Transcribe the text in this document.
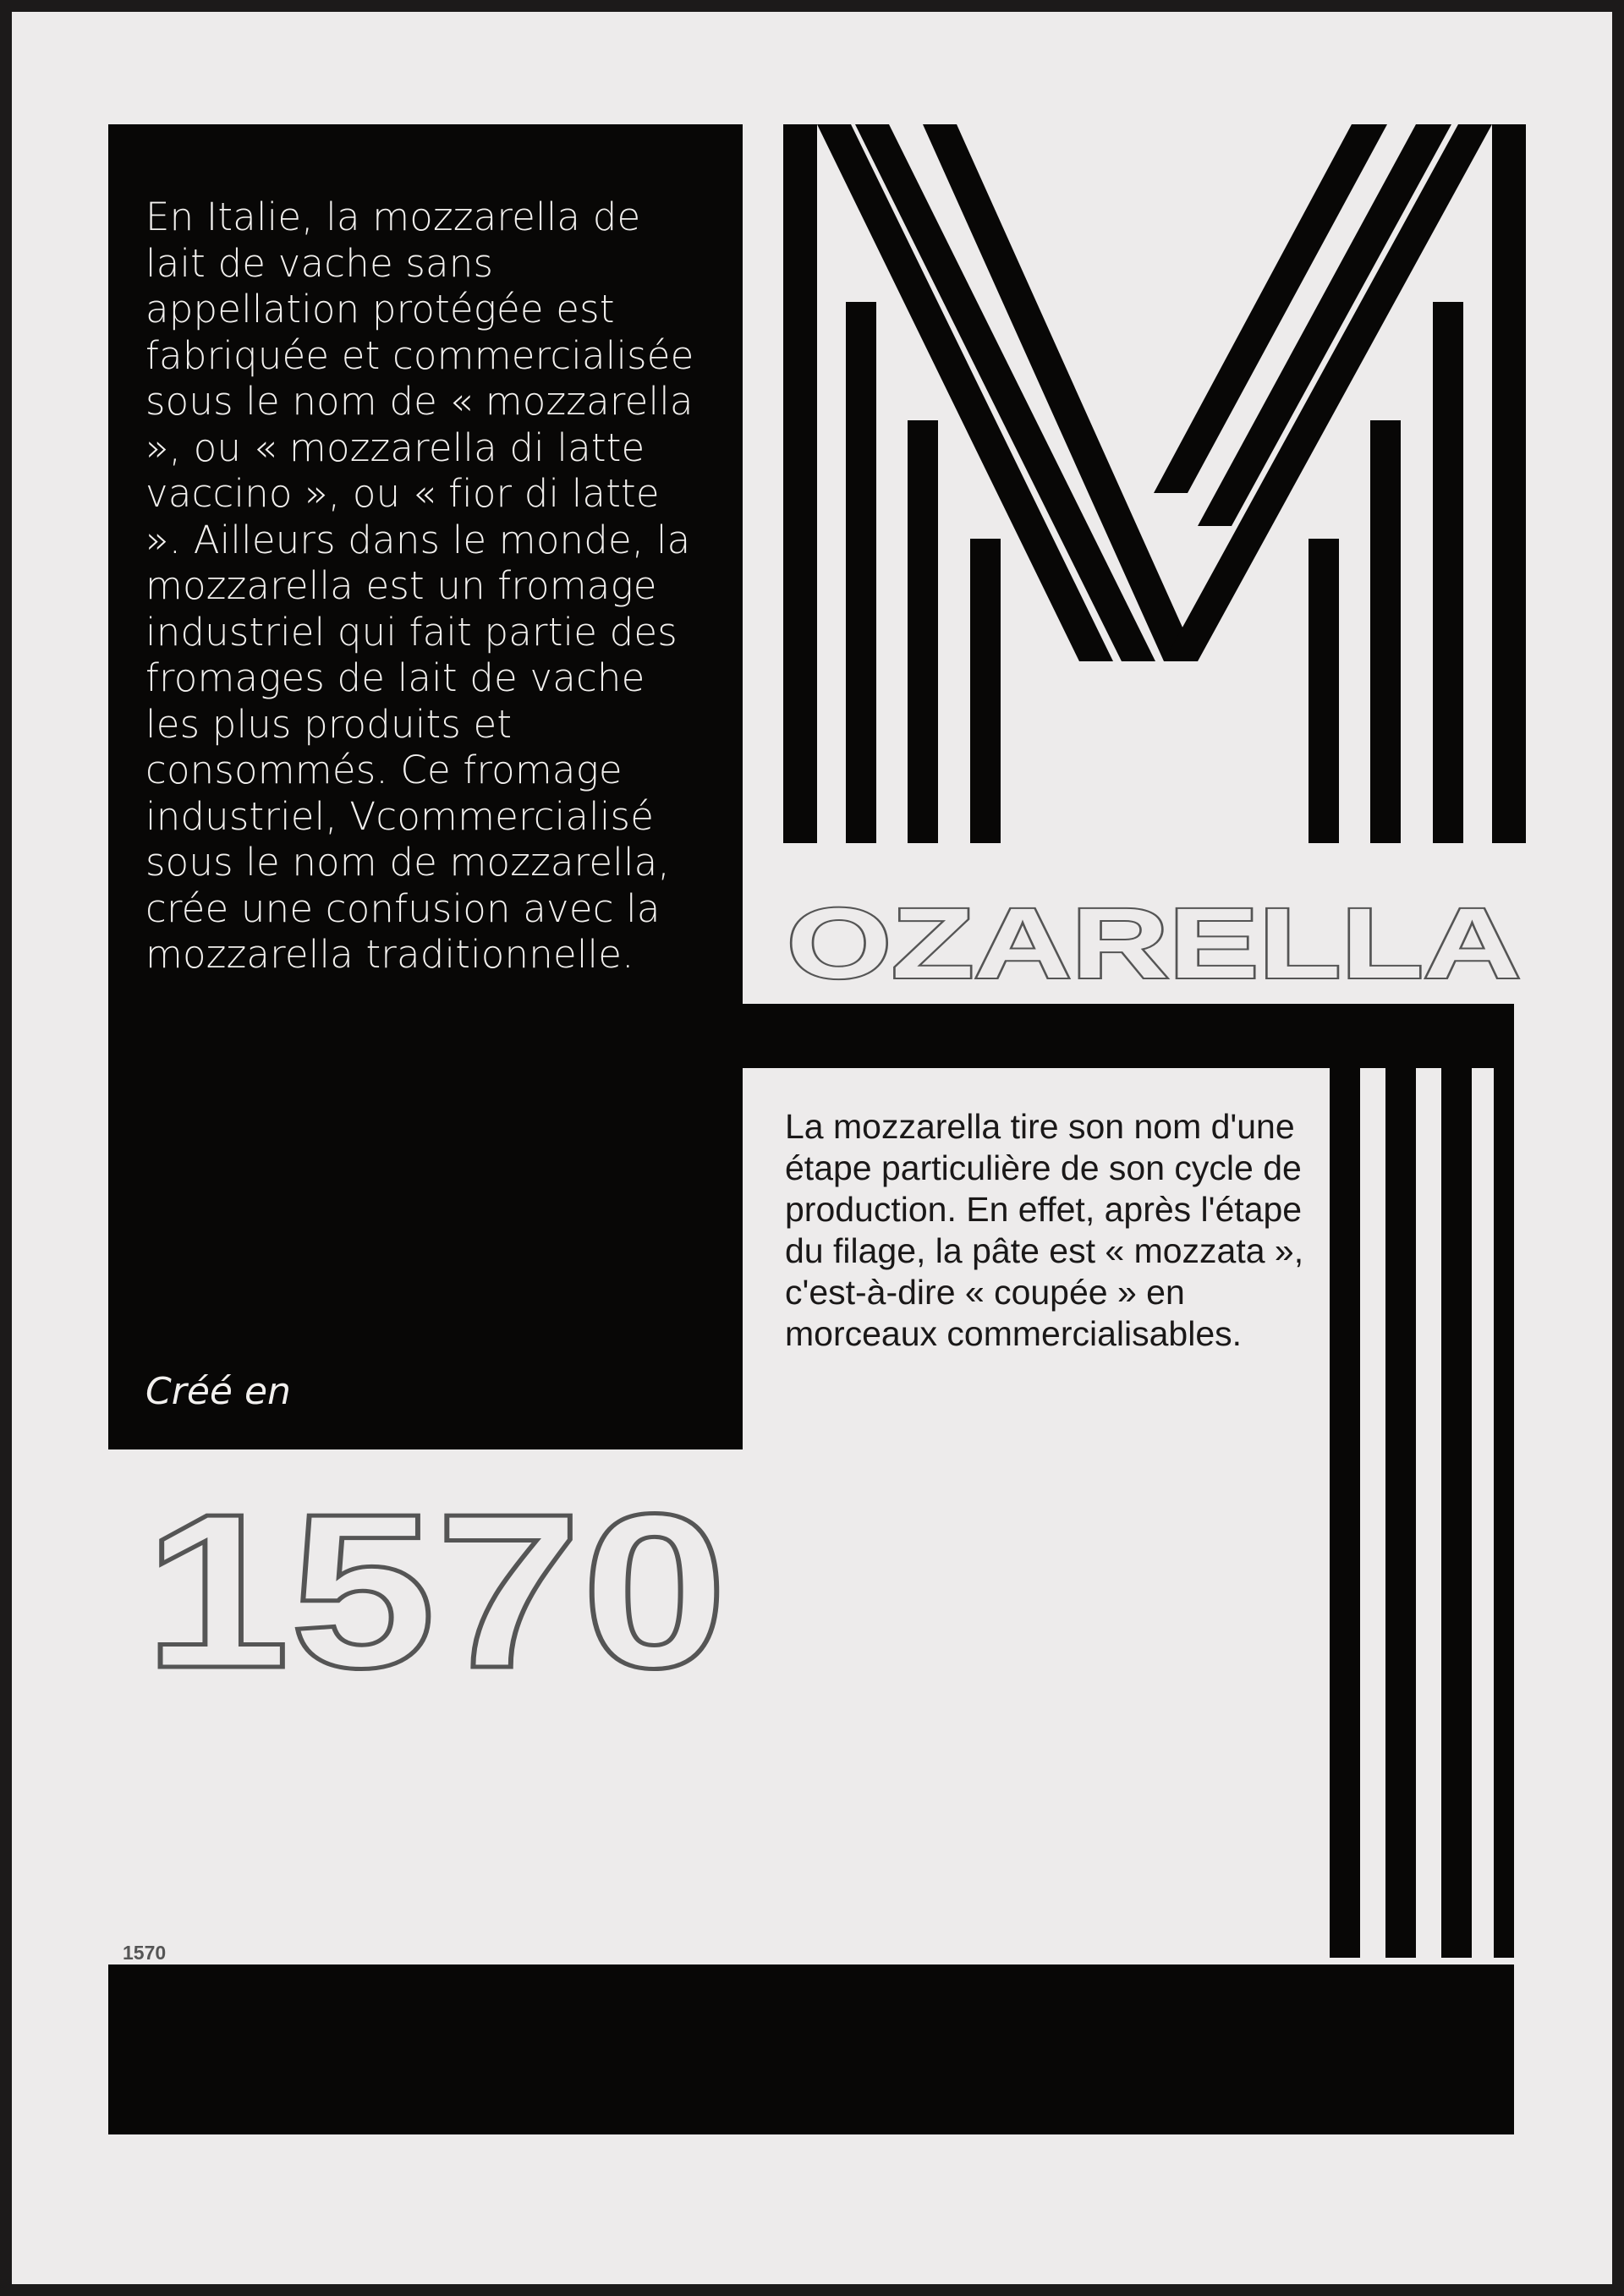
OZARELLA

En Italie, la mozzarella de lait de vache sans appellation protégée est fabriquée et commercialisée sous le nom de « mozzarella », ou « mozzarella di latte vaccino », ou « fior di latte ». Ailleurs dans le monde, la mozzarella est un fromage industriel qui fait partie des fromages de lait de vache les plus produits et consommés. Ce fromage industriel, Vcommercialisé sous le nom de mozzarella, crée une confusion avec la mozzarella traditionnelle.

Créé en

1570

La mozzarella tire son nom d'une étape particulière de son cycle de production. En effet, après l'étape du filage, la pâte est « mozzata », c'est-à-dire « coupée » en morceaux commercialisables.

1570
